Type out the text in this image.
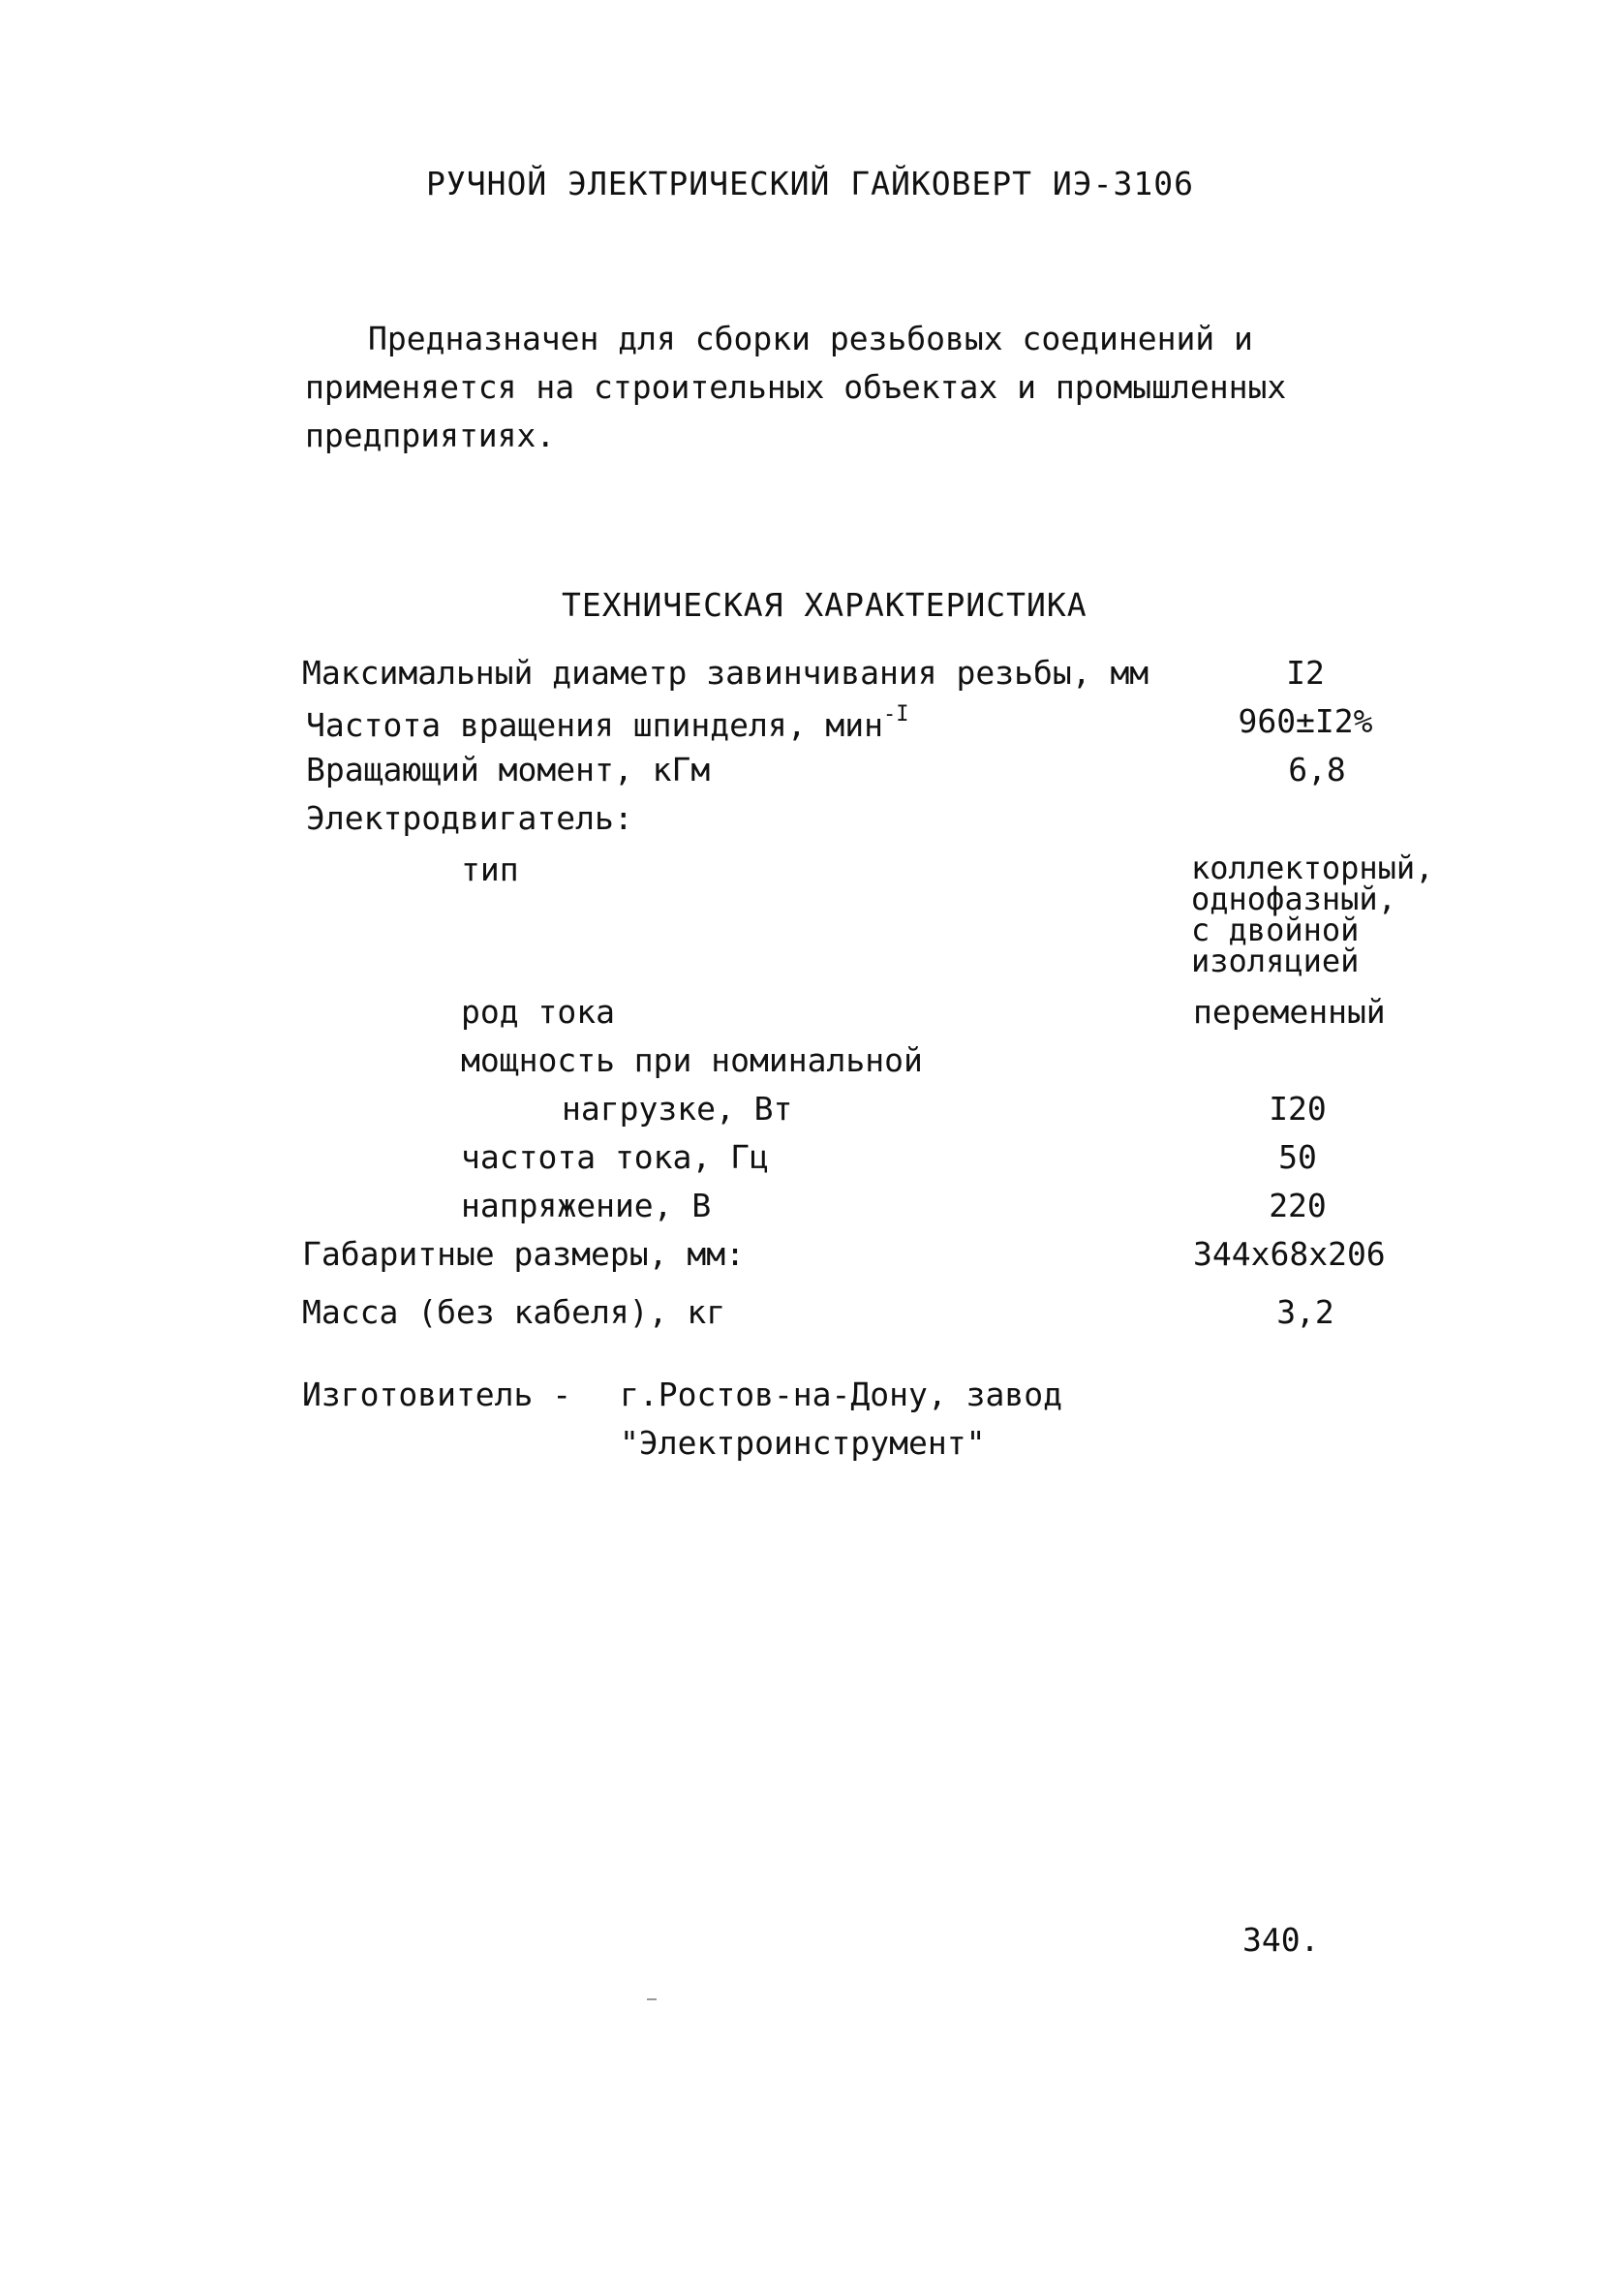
РУЧНОЙ ЭЛЕКТРИЧЕСКИЙ ГАЙКОВЕРТ ИЭ-3106
Предназначен для сборки резьбовых соединений и
применяется на строительных объектах и промышленных
предприятиях.
ТЕХНИЧЕСКАЯ ХАРАКТЕРИСТИКА
Максимальный диаметр завинчивания резьбы, мм	I2
Частота вращения шпинделя, мин$^{-I}$	960±I2%
Вращающий момент, кГм	6,8
Электродвигатель:
тип	коллекторный,
однофазный,
с двойной
изоляцией
род тока	переменный
мощность при номинальной
нагрузке, Вт	I20
частота тока, Гц	50
напряжение, В	220
Габаритные размеры, мм:	344х68х206
Масса (без кабеля), кг	3,2
Изготовитель - г.Ростов-на-Дону, завод
"Электроинструмент"
340.
